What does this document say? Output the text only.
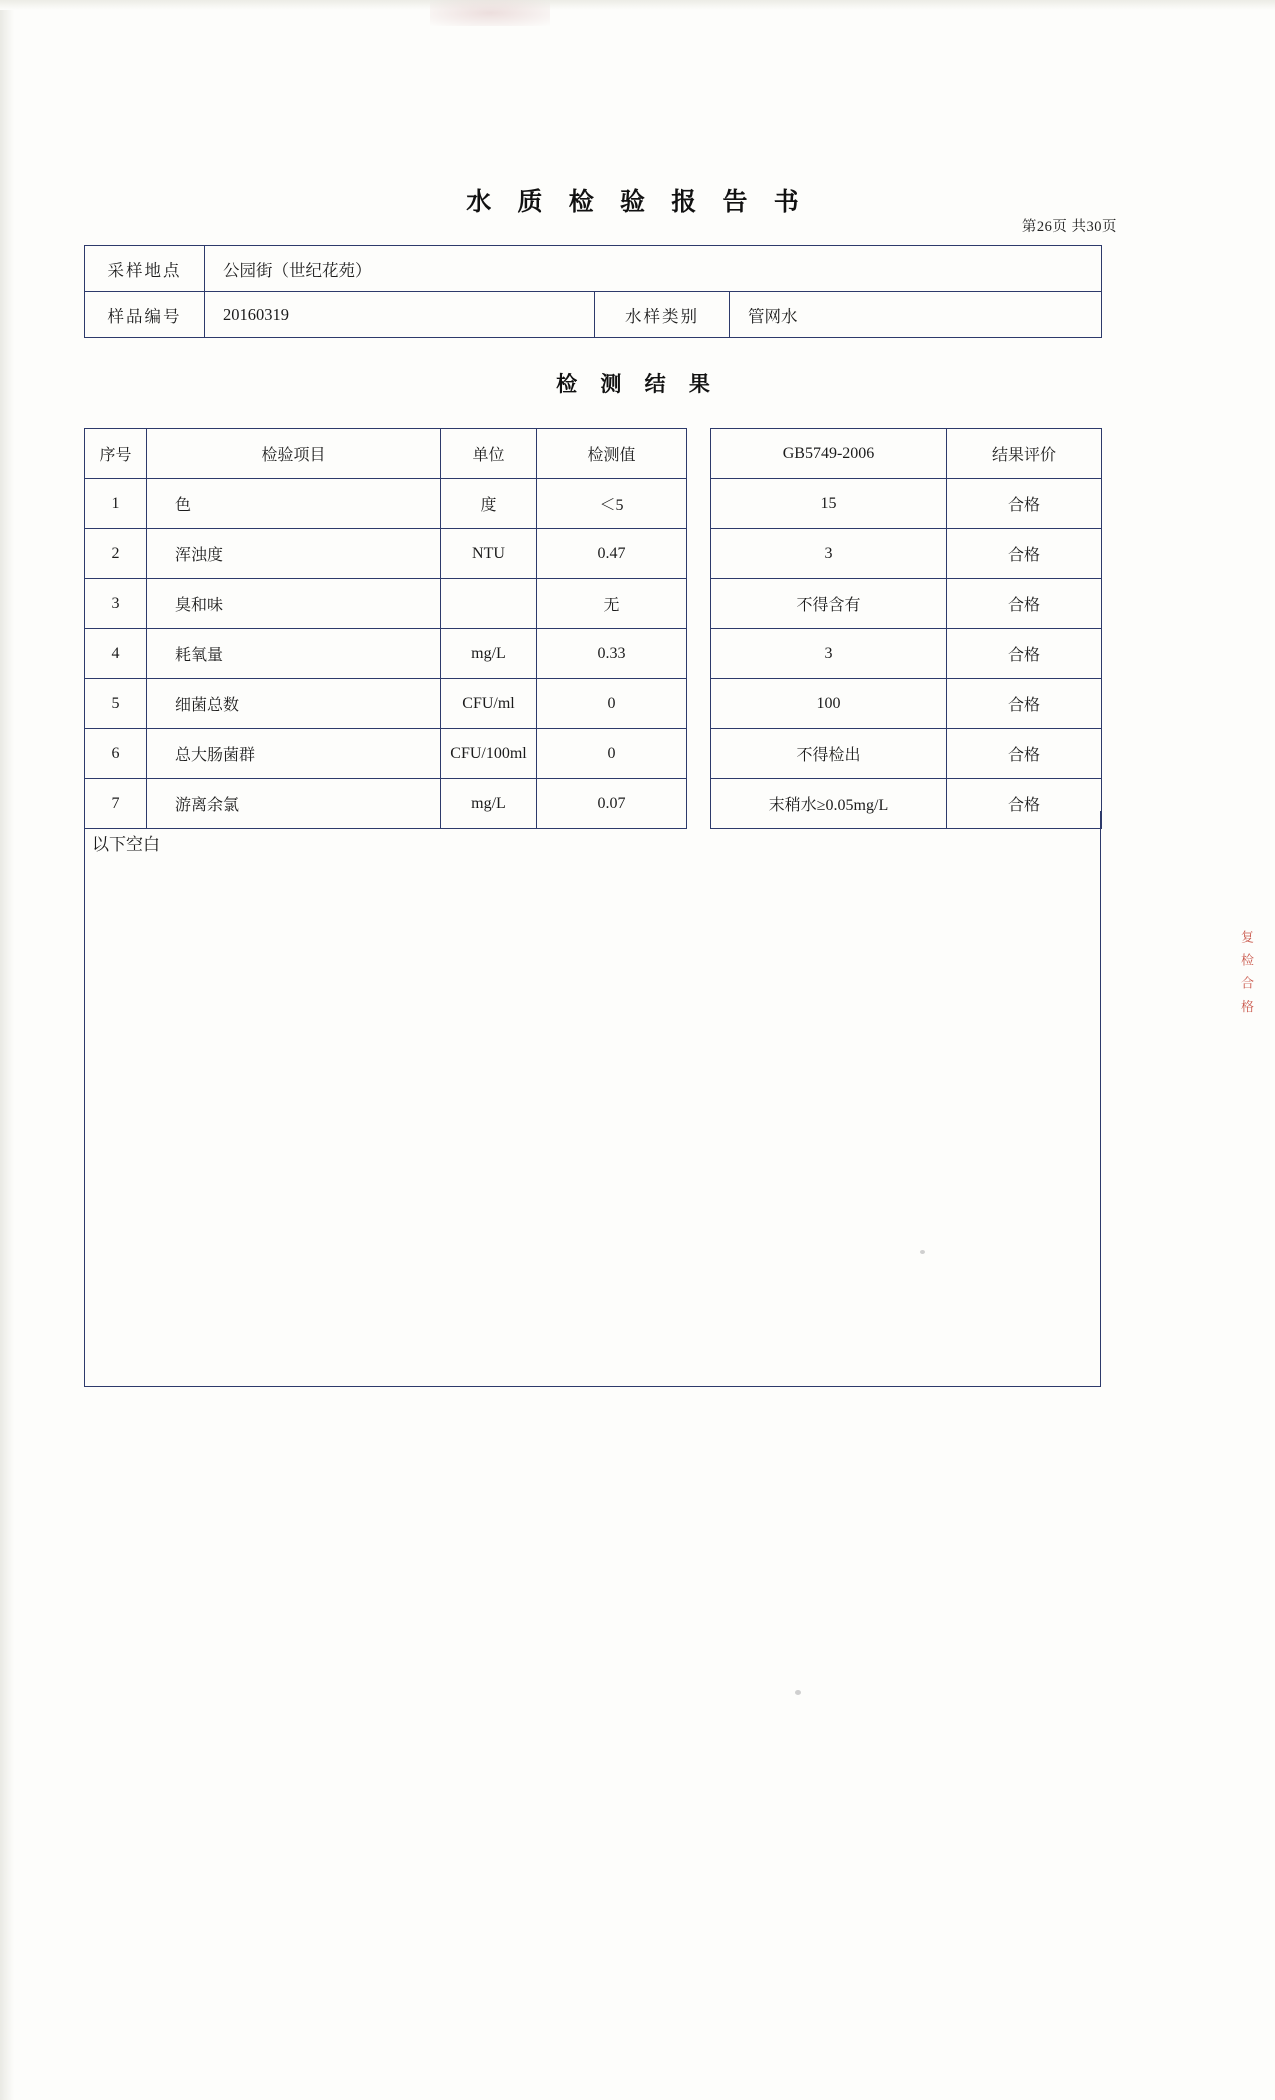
水 质 检 验 报 告 书
第26页 共30页
采样地点	公园街（世纪花苑）		
样品编号	20160319	水样类别	管网水
检 测 结 果
序号	检验项目	单位	检测值		GB5749-2006	结果评价
1	色	度	＜5		15	合格
2	浑浊度	NTU	0.47		3	合格
3	臭和味		无		不得含有	合格
4	耗氧量	mg/L	0.33		3	合格
5	细菌总数	CFU/ml	0		100	合格
6	总大肠菌群	CFU/100ml	0		不得检出	合格
7	游离余氯	mg/L	0.07		末稍水≥0.05mg/L	合格
以下空白
复 检 合 格
